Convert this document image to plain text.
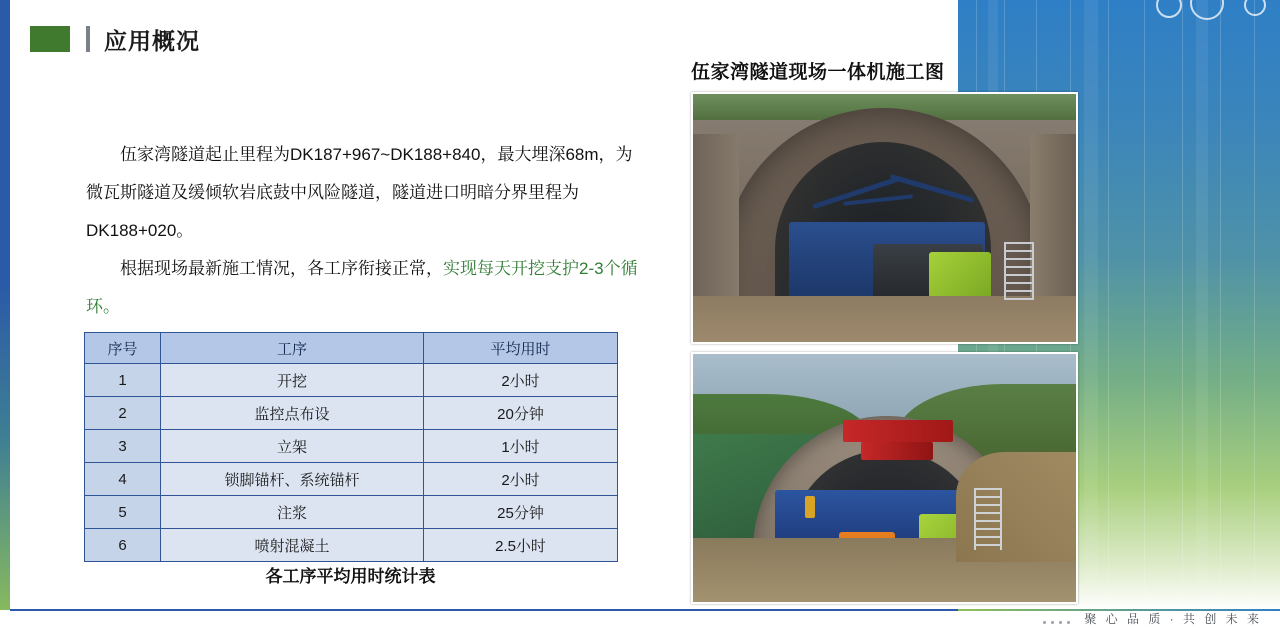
应用概况

伍家湾隧道起止里程为DK187+967~DK188+840，最大埋深68m，为微瓦斯隧道及缓倾软岩底鼓中风险隧道，隧道进口明暗分界里程为DK188+020。

根据现场最新施工情况，各工序衔接正常，实现每天开挖支护2-3个循环。

序号	工序	平均用时
1	开挖	2小时
2	监控点布设	20分钟
3	立架	1小时
4	锁脚锚杆、系统锚杆	2小时
5	注浆	25分钟
6	喷射混凝土	2.5小时
各工序平均用时统计表
伍家湾隧道现场一体机施工图
聚 心 品 质 · 共 创 未 来
